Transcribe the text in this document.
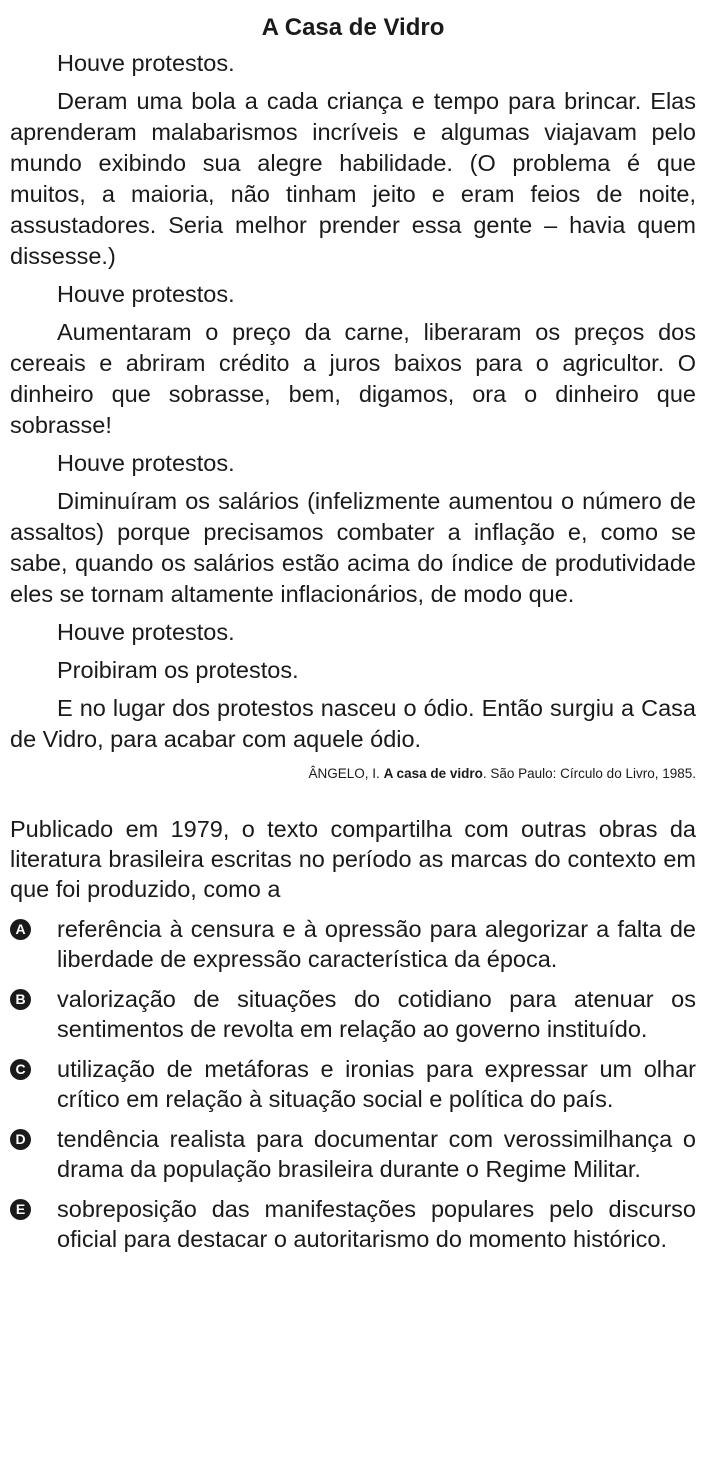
A Casa de Vidro

Houve protestos.

Deram uma bola a cada criança e tempo para brincar. Elas aprenderam malabarismos incríveis e algumas viajavam pelo mundo exibindo sua alegre habilidade. (O problema é que muitos, a maioria, não tinham jeito e eram feios de noite, assustadores. Seria melhor prender essa gente – havia quem dissesse.)

Houve protestos.

Aumentaram o preço da carne, liberaram os preços dos cereais e abriram crédito a juros baixos para o agricultor. O dinheiro que sobrasse, bem, digamos, ora o dinheiro que sobrasse!

Houve protestos.

Diminuíram os salários (infelizmente aumentou o número de assaltos) porque precisamos combater a inflação e, como se sabe, quando os salários estão acima do índice de produtividade eles se tornam altamente inflacionários, de modo que.

Houve protestos.

Proibiram os protestos.

E no lugar dos protestos nasceu o ódio. Então surgiu a Casa de Vidro, para acabar com aquele ódio.

ÂNGELO, I. A casa de vidro. São Paulo: Círculo do Livro, 1985.

Publicado em 1979, o texto compartilha com outras obras da literatura brasileira escritas no período as marcas do contexto em que foi produzido, como a

A referência à censura e à opressão para alegorizar a falta de liberdade de expressão característica da época.
B valorização de situações do cotidiano para atenuar os sentimentos de revolta em relação ao governo instituído.
C utilização de metáforas e ironias para expressar um olhar crítico em relação à situação social e política do país.
D tendência realista para documentar com verossimilhança o drama da população brasileira durante o Regime Militar.
E sobreposição das manifestações populares pelo discurso oficial para destacar o autoritarismo do momento histórico.
